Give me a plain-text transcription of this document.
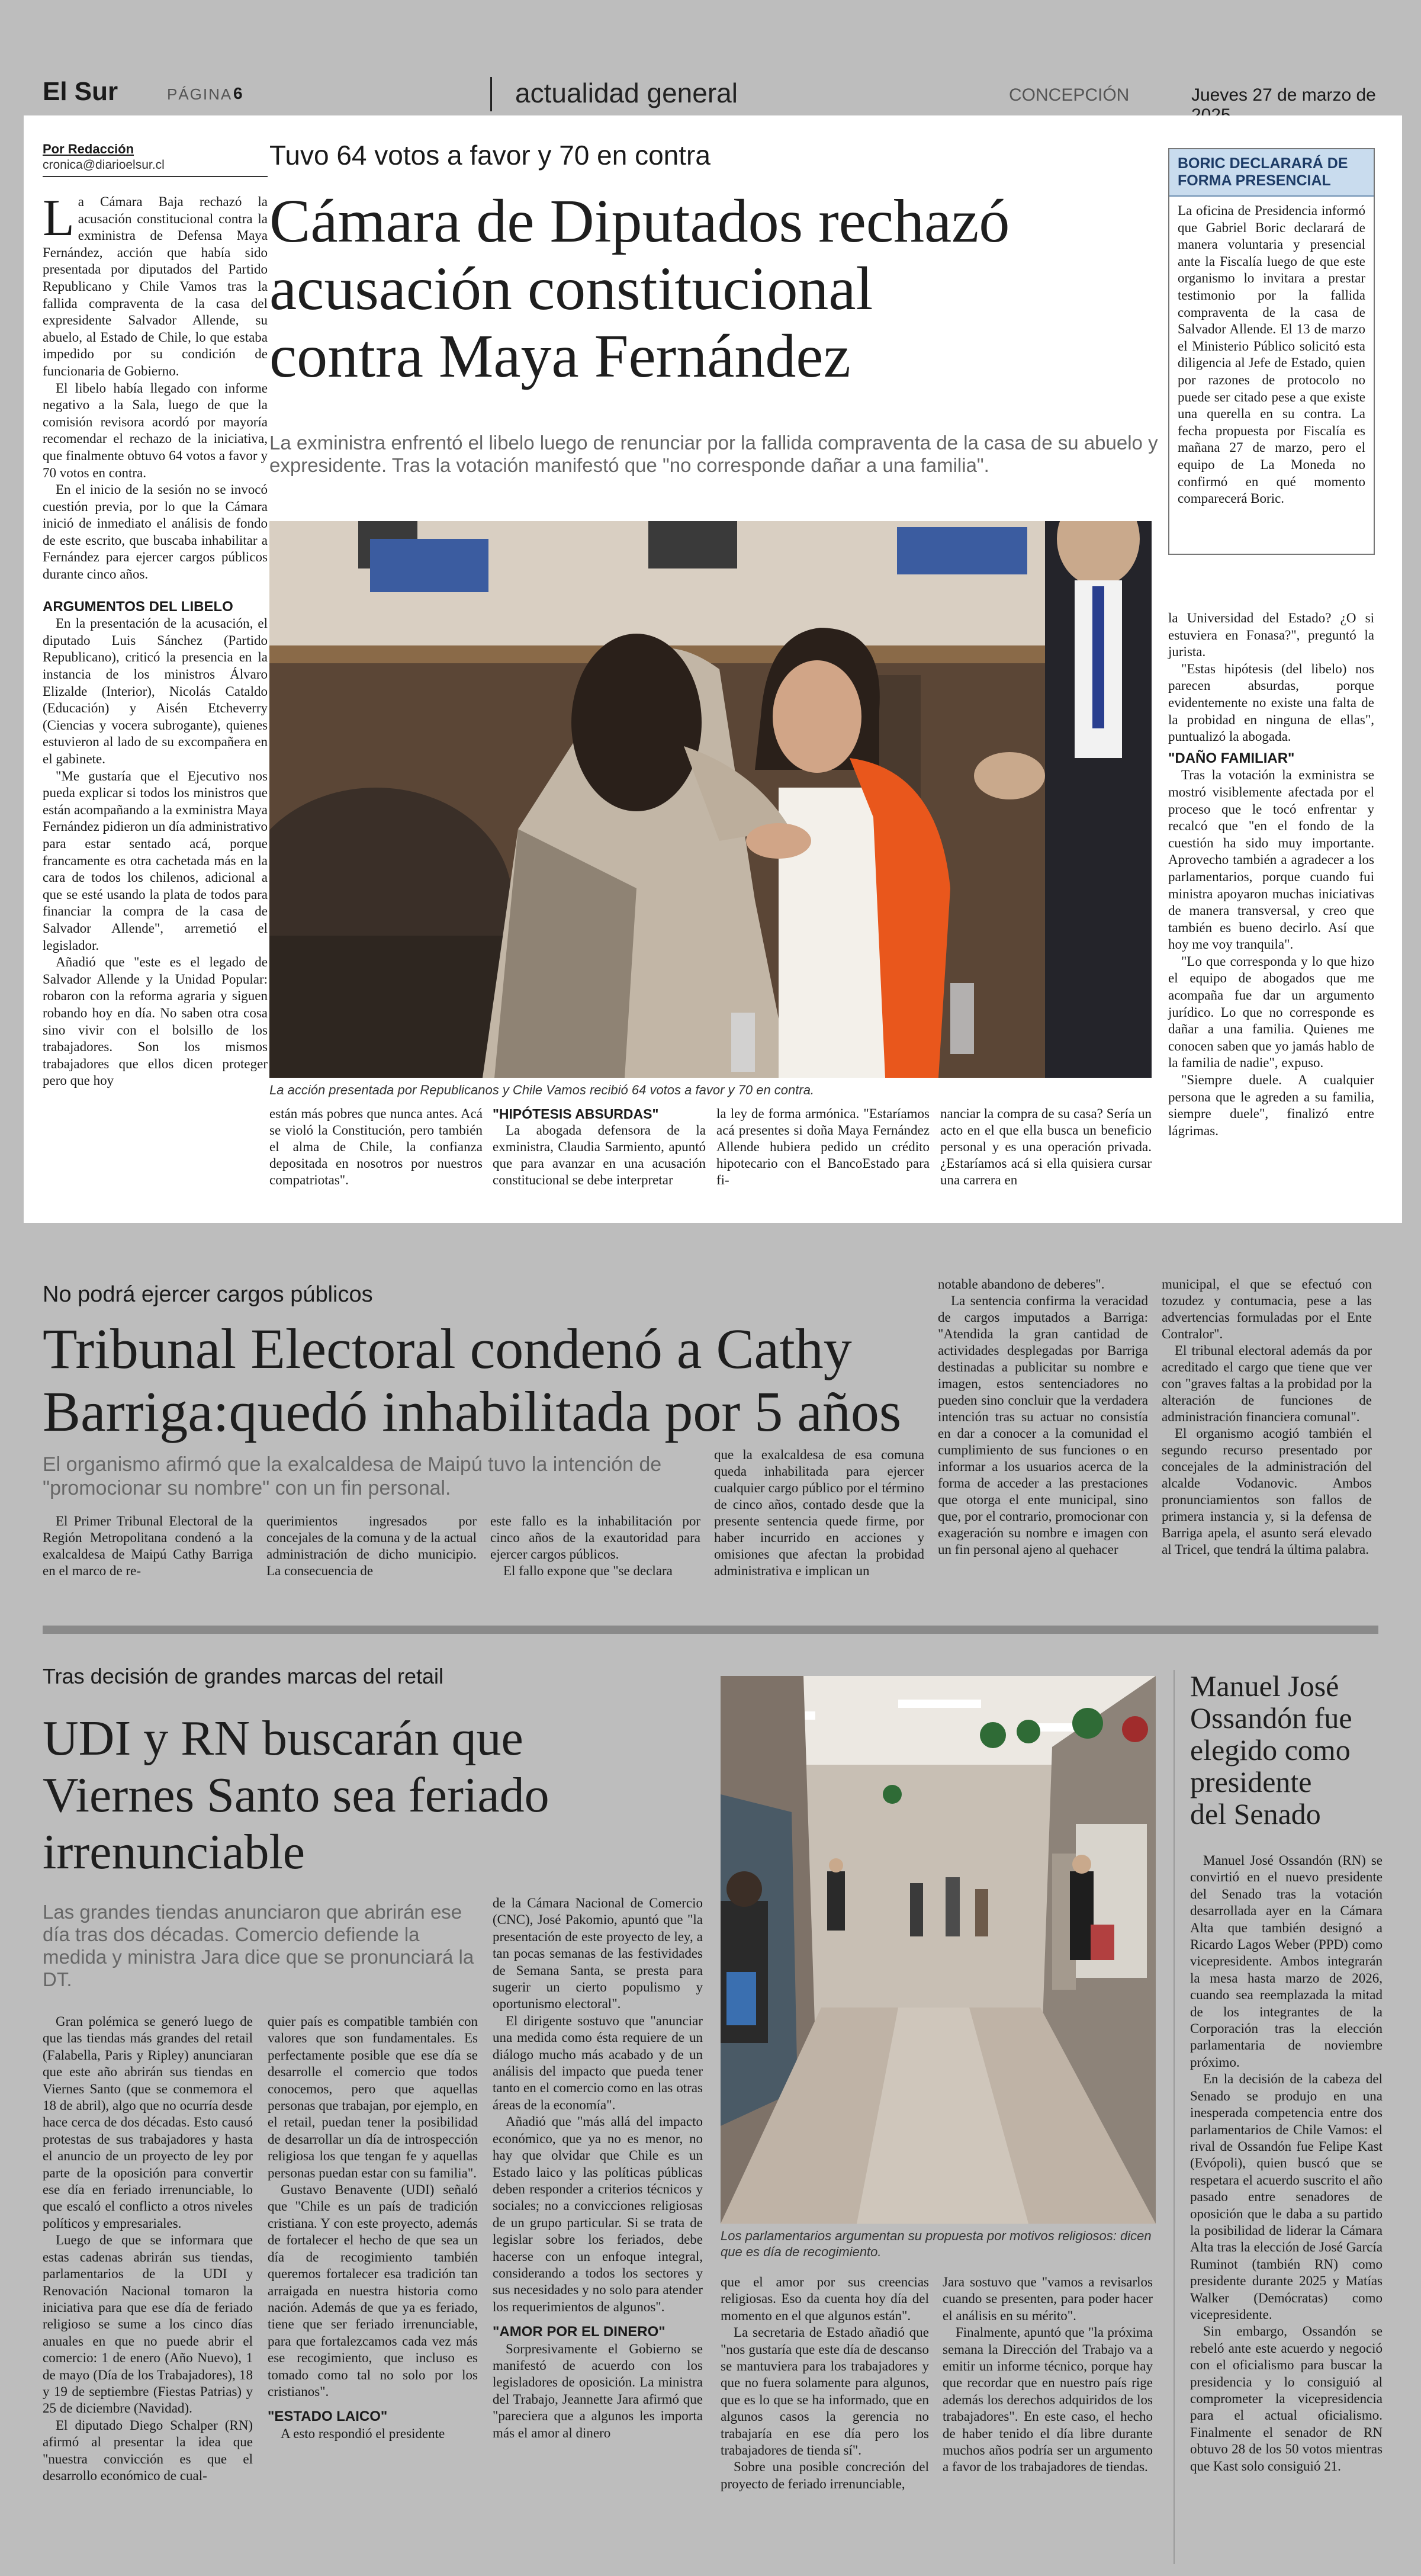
El Sur	PÁGINA 6	actualidad general	CONCEPCIÓN	Jueves 27 de marzo de
Por Redacción
cronica@diarioelsur.cl

La Cámara Baja rechazó la acusación constitucional contra la exministra de Defensa Maya Fernández, acción que había sido presentada por diputados del Partido Republicano y Chile Vamos tras la fallida compraventa de la casa del expresidente Salvador Allende, su abuelo, al Estado de Chile, lo que estaba impedido por su condición de funcionaria de Gobierno.

El libelo había llegado con informe negativo a la Sala, luego de que la comisión revisora acordó por mayoría recomendar el rechazo de la iniciativa, que finalmente obtuvo 64 votos a favor y 70 votos en contra.

En el inicio de la sesión no se invocó cuestión previa, por lo que la Cámara inició de inmediato el análisis de fondo de este escrito, que buscaba inhabilitar a Fernández para ejercer cargos públicos durante cinco años.

ARGUMENTOS DEL LIBELO

En la presentación de la acusación, el diputado Luis Sánchez (Partido Republicano), criticó la presencia en la instancia de los ministros Álvaro Elizalde (Interior), Nicolás Cataldo (Educación) y Aisén Etcheverry (Ciencias y vocera subrogante), quienes estuvieron al lado de su excompañera en el gabinete.

"Me gustaría que el Ejecutivo nos pueda explicar si todos los ministros que están acompañando a la exministra Maya Fernández pidieron un día administrativo para estar sentado acá, porque francamente es otra cachetada más en la cara de todos los chilenos, adicional a que se esté usando la plata de todos para financiar la compra de la casa de Salvador Allende", arremetió el legislador.

Añadió que "este es el legado de Salvador Allende y la Unidad Popular: robaron con la reforma agraria y siguen robando hoy en día. No saben otra cosa sino vivir con el bolsillo de los trabajadores. Son los mismos trabajadores que ellos dicen proteger pero que hoy

Tuvo 64 votos a favor y 70 en contra
Cámara de Diputados rechazó
acusación constitucional
contra Maya Fernández
La exministra enfrentó el libelo luego de renunciar por la fallida compraventa de la casa de su abuelo y expresidente. Tras la votación manifestó que "no corresponde dañar a una familia".
La acción presentada por Republicanos y Chile Vamos recibió 64 votos a favor y 70 en contra.

están más pobres que nunca antes. Acá se violó la Constitución, pero también el alma de Chile, la confianza depositada en nosotros por nuestros compatriotas".

"HIPÓTESIS ABSURDAS"

La abogada defensora de la exministra, Claudia Sarmiento, apuntó que para avanzar en una acusación constitucional se debe interpretar

la ley de forma armónica. "Estaríamos acá presentes si doña Maya Fernández Allende hubiera pedido un crédito hipotecario con el BancoEstado para fi-

nanciar la compra de su casa? Sería un acto en el que ella busca un beneficio personal y es una operación privada. ¿Estaríamos acá si ella quisiera cursar una carrera en

BORIC DECLARARÁ DE FORMA PRESENCIAL
La oficina de Presidencia informó que Gabriel Boric declarará de manera voluntaria y presencial ante la Fiscalía luego de que este organismo lo invitara a prestar testimonio por la fallida compraventa de la casa de Salvador Allende. El 13 de marzo el Ministerio Público solicitó esta diligencia al Jefe de Estado, quien por razones de protocolo no puede ser citado pese a que existe una querella en su contra. La fecha propuesta por Fiscalía es mañana 27 de marzo, pero el equipo de La Moneda no confirmó en qué momento comparecerá Boric.

la Universidad del Estado? ¿O si estuviera en Fonasa?", preguntó la jurista.

"Estas hipótesis (del libelo) nos parecen absurdas, porque evidentemente no existe una falta de la probidad en ninguna de ellas", puntualizó la abogada.

"DAÑO FAMILIAR"

Tras la votación la exministra se mostró visiblemente afectada por el proceso que le tocó enfrentar y recalcó que "en el fondo de la cuestión ha sido muy importante. Aprovecho también a agradecer a los parlamentarios, porque cuando fui ministra apoyaron muchas iniciativas de manera transversal, y creo que también es bueno decirlo. Así que hoy me voy tranquila".

"Lo que corresponda y lo que hizo el equipo de abogados que me acompaña fue dar un argumento jurídico. Lo que no corresponde es dañar a una familia. Quienes me conocen saben que yo jamás hablo de la familia de nadie", expuso.

"Siempre duele. A cualquier persona que le agreden a su familia, siempre duele", finalizó entre lágrimas.

No podrá ejercer cargos públicos
Tribunal Electoral condenó a Cathy
Barriga:quedó inhabilitada por 5 años
El organismo afirmó que la exalcaldesa de Maipú tuvo la intención de "promocionar su nombre" con un fin personal.

El Primer Tribunal Electoral de la Región Metropolitana condenó a la exalcaldesa de Maipú Cathy Barriga en el marco de re-

querimientos ingresados por concejales de la comuna y de la actual administración de dicho municipio. La consecuencia de

este fallo es la inhabilitación por cinco años de la exautoridad para ejercer cargos públicos.

El fallo expone que "se declara

que la exalcaldesa de esa comuna queda inhabilitada para ejercer cualquier cargo público por el término de cinco años, contado desde que la presente sentencia quede firme, por haber incurrido en acciones y omisiones que afectan la probidad administrativa e implican un

notable abandono de deberes".

La sentencia confirma la veracidad de cargos imputados a Barriga: "Atendida la gran cantidad de actividades desplegadas por Barriga destinadas a publicitar su nombre e imagen, estos sentenciadores no pueden sino concluir que la verdadera intención tras su actuar no consistía en dar a conocer a la comunidad el cumplimiento de sus funciones o en informar a los usuarios acerca de la forma de acceder a las prestaciones que otorga el ente municipal, sino que, por el contrario, promocionar con exageración su nombre e imagen con un fin personal ajeno al quehacer

municipal, el que se efectuó con tozudez y contumacia, pese a las advertencias formuladas por el Ente Contralor".

El tribunal electoral además da por acreditado el cargo que tiene que ver con "graves faltas a la probidad por la alteración de funciones de administración financiera comunal".

El organismo acogió también el segundo recurso presentado por concejales de la administración del alcalde Vodanovic. Ambos pronunciamientos son fallos de primera instancia y, si la defensa de Barriga apela, el asunto será elevado al Tricel, que tendrá la última palabra.

Tras decisión de grandes marcas del retail
UDI y RN buscarán que
Viernes Santo sea feriado
irrenunciable
Las grandes tiendas anunciaron que abrirán ese día tras dos décadas. Comercio defiende la medida y ministra Jara dice que se pronunciará la DT.

Gran polémica se generó luego de que las tiendas más grandes del retail (Falabella, Paris y Ripley) anunciaran que este año abrirán sus tiendas en Viernes Santo (que se conmemora el 18 de abril), algo que no ocurría desde hace cerca de dos décadas. Esto causó protestas de sus trabajadores y hasta el anuncio de un proyecto de ley por parte de la oposición para convertir ese día en feriado irrenunciable, lo que escaló el conflicto a otros niveles políticos y empresariales.

Luego de que se informara que estas cadenas abrirán sus tiendas, parlamentarios de la UDI y Renovación Nacional tomaron la iniciativa para que ese día de feriado religioso se sume a los cinco días anuales en que no puede abrir el comercio: 1 de enero (Año Nuevo), 1 de mayo (Día de los Trabajadores), 18 y 19 de septiembre (Fiestas Patrias) y 25 de diciembre (Navidad).

El diputado Diego Schalper (RN) afirmó al presentar la idea que "nuestra convicción es que el desarrollo económico de cual-

quier país es compatible también con valores que son fundamentales. Es perfectamente posible que ese día se desarrolle el comercio que todos conocemos, pero que aquellas personas que trabajan, por ejemplo, en el retail, puedan tener la posibilidad de desarrollar un día de introspección religiosa los que tengan fe y aquellas personas puedan estar con su familia".

Gustavo Benavente (UDI) señaló que "Chile es un país de tradición cristiana. Y con este proyecto, además de fortalecer el hecho de que sea un día de recogimiento también queremos fortalecer esa tradición tan arraigada en nuestra historia como nación. Además de que ya es feriado, tiene que ser feriado irrenunciable, para que fortalezcamos cada vez más ese recogimiento, que incluso es tomado como tal no solo por los cristianos".

"ESTADO LAICO"

A esto respondió el presidente

de la Cámara Nacional de Comercio (CNC), José Pakomio, apuntó que "la presentación de este proyecto de ley, a tan pocas semanas de las festividades de Semana Santa, se presta para sugerir un cierto populismo y oportunismo electoral".

El dirigente sostuvo que "anunciar una medida como ésta requiere de un diálogo mucho más acabado y de un análisis del impacto que pueda tener tanto en el comercio como en las otras áreas de la economía".

Añadió que "más allá del impacto económico, que ya no es menor, no hay que olvidar que Chile es un Estado laico y las políticas públicas deben responder a criterios técnicos y sociales; no a convicciones religiosas de un grupo particular. Si se trata de legislar sobre los feriados, debe hacerse con un enfoque integral, considerando a todos los sectores y sus necesidades y no solo para atender los requerimientos de algunos".

"AMOR POR EL DINERO"

Sorpresivamente el Gobierno se manifestó de acuerdo con los legisladores de oposición. La ministra del Trabajo, Jeannette Jara afirmó que "pareciera que a algunos les importa más el amor al dinero

Los parlamentarios argumentan su propuesta por motivos religiosos: dicen que es día de recogimiento.

que el amor por sus creencias religiosas. Eso da cuenta hoy día del momento en el que algunos están".

La secretaria de Estado añadió que "nos gustaría que este día de descanso se mantuviera para los trabajadores y que no fuera solamente para algunos, que es lo que se ha informado, que en algunos casos la gerencia no trabajaría en ese día pero los trabajadores de tienda sí".

Sobre una posible concreción del proyecto de feriado irrenunciable,

Jara sostuvo que "vamos a revisarlos cuando se presenten, para poder hacer el análisis en su mérito".

Finalmente, apuntó que "la próxima semana la Dirección del Trabajo va a emitir un informe técnico, porque hay que recordar que en nuestro país rige además los derechos adquiridos de los trabajadores". En este caso, el hecho de haber tenido el día libre durante muchos años podría ser un argumento a favor de los trabajadores de tiendas.

Manuel José
Ossandón fue
elegido como
presidente
del Senado

Manuel José Ossandón (RN) se convirtió en el nuevo presidente del Senado tras la votación desarrollada ayer en la Cámara Alta que también designó a Ricardo Lagos Weber (PPD) como vicepresidente. Ambos integrarán la mesa hasta marzo de 2026, cuando sea reemplazada la mitad de los integrantes de la Corporación tras la elección parlamentaria de noviembre próximo.

En la decisión de la cabeza del Senado se produjo en una inesperada competencia entre dos parlamentarios de Chile Vamos: el rival de Ossandón fue Felipe Kast (Evópoli), quien buscó que se respetara el acuerdo suscrito el año pasado entre senadores de oposición que le daba a su partido la posibilidad de liderar la Cámara Alta tras la elección de José García Ruminot (también RN) como presidente durante 2025 y Matías Walker (Demócratas) como vicepresidente.

Sin embargo, Ossandón se rebeló ante este acuerdo y negoció con el oficialismo para buscar la presidencia y lo consiguió al comprometer la vicepresidencia para el actual oficialismo. Finalmente el senador de RN obtuvo 28 de los 50 votos mientras que Kast solo consiguió 21.
